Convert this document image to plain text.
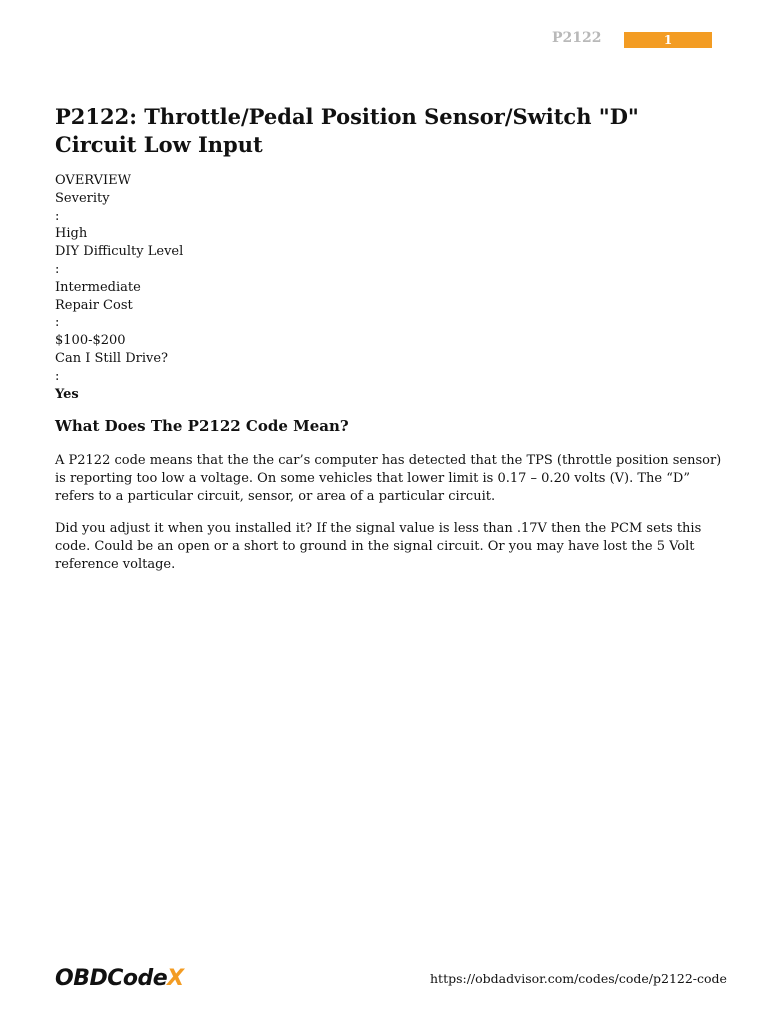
P2122	1
P2122: Throttle/Pedal Position Sensor/Switch "D" Circuit Low Input
OVERVIEW
Severity
:
High
DIY Difficulty Level
:
Intermediate
Repair Cost
:
$100-$200
Can I Still Drive?
:
Yes
What Does The P2122 Code Mean?

A P2122 code means that the the car’s computer has detected that the TPS (throttle position sensor) is reporting too low a voltage. On some vehicles that lower limit is 0.17 – 0.20 volts (V). The “D” refers to a particular circuit, sensor, or area of a particular circuit.

Did you adjust it when you installed it? If the signal value is less than .17V then the PCM sets this code. Could be an open or a short to ground in the signal circuit. Or you may have lost the 5 Volt reference voltage.

OBDCodeX	https://obdadvisor.com/codes/code/p2122-code
